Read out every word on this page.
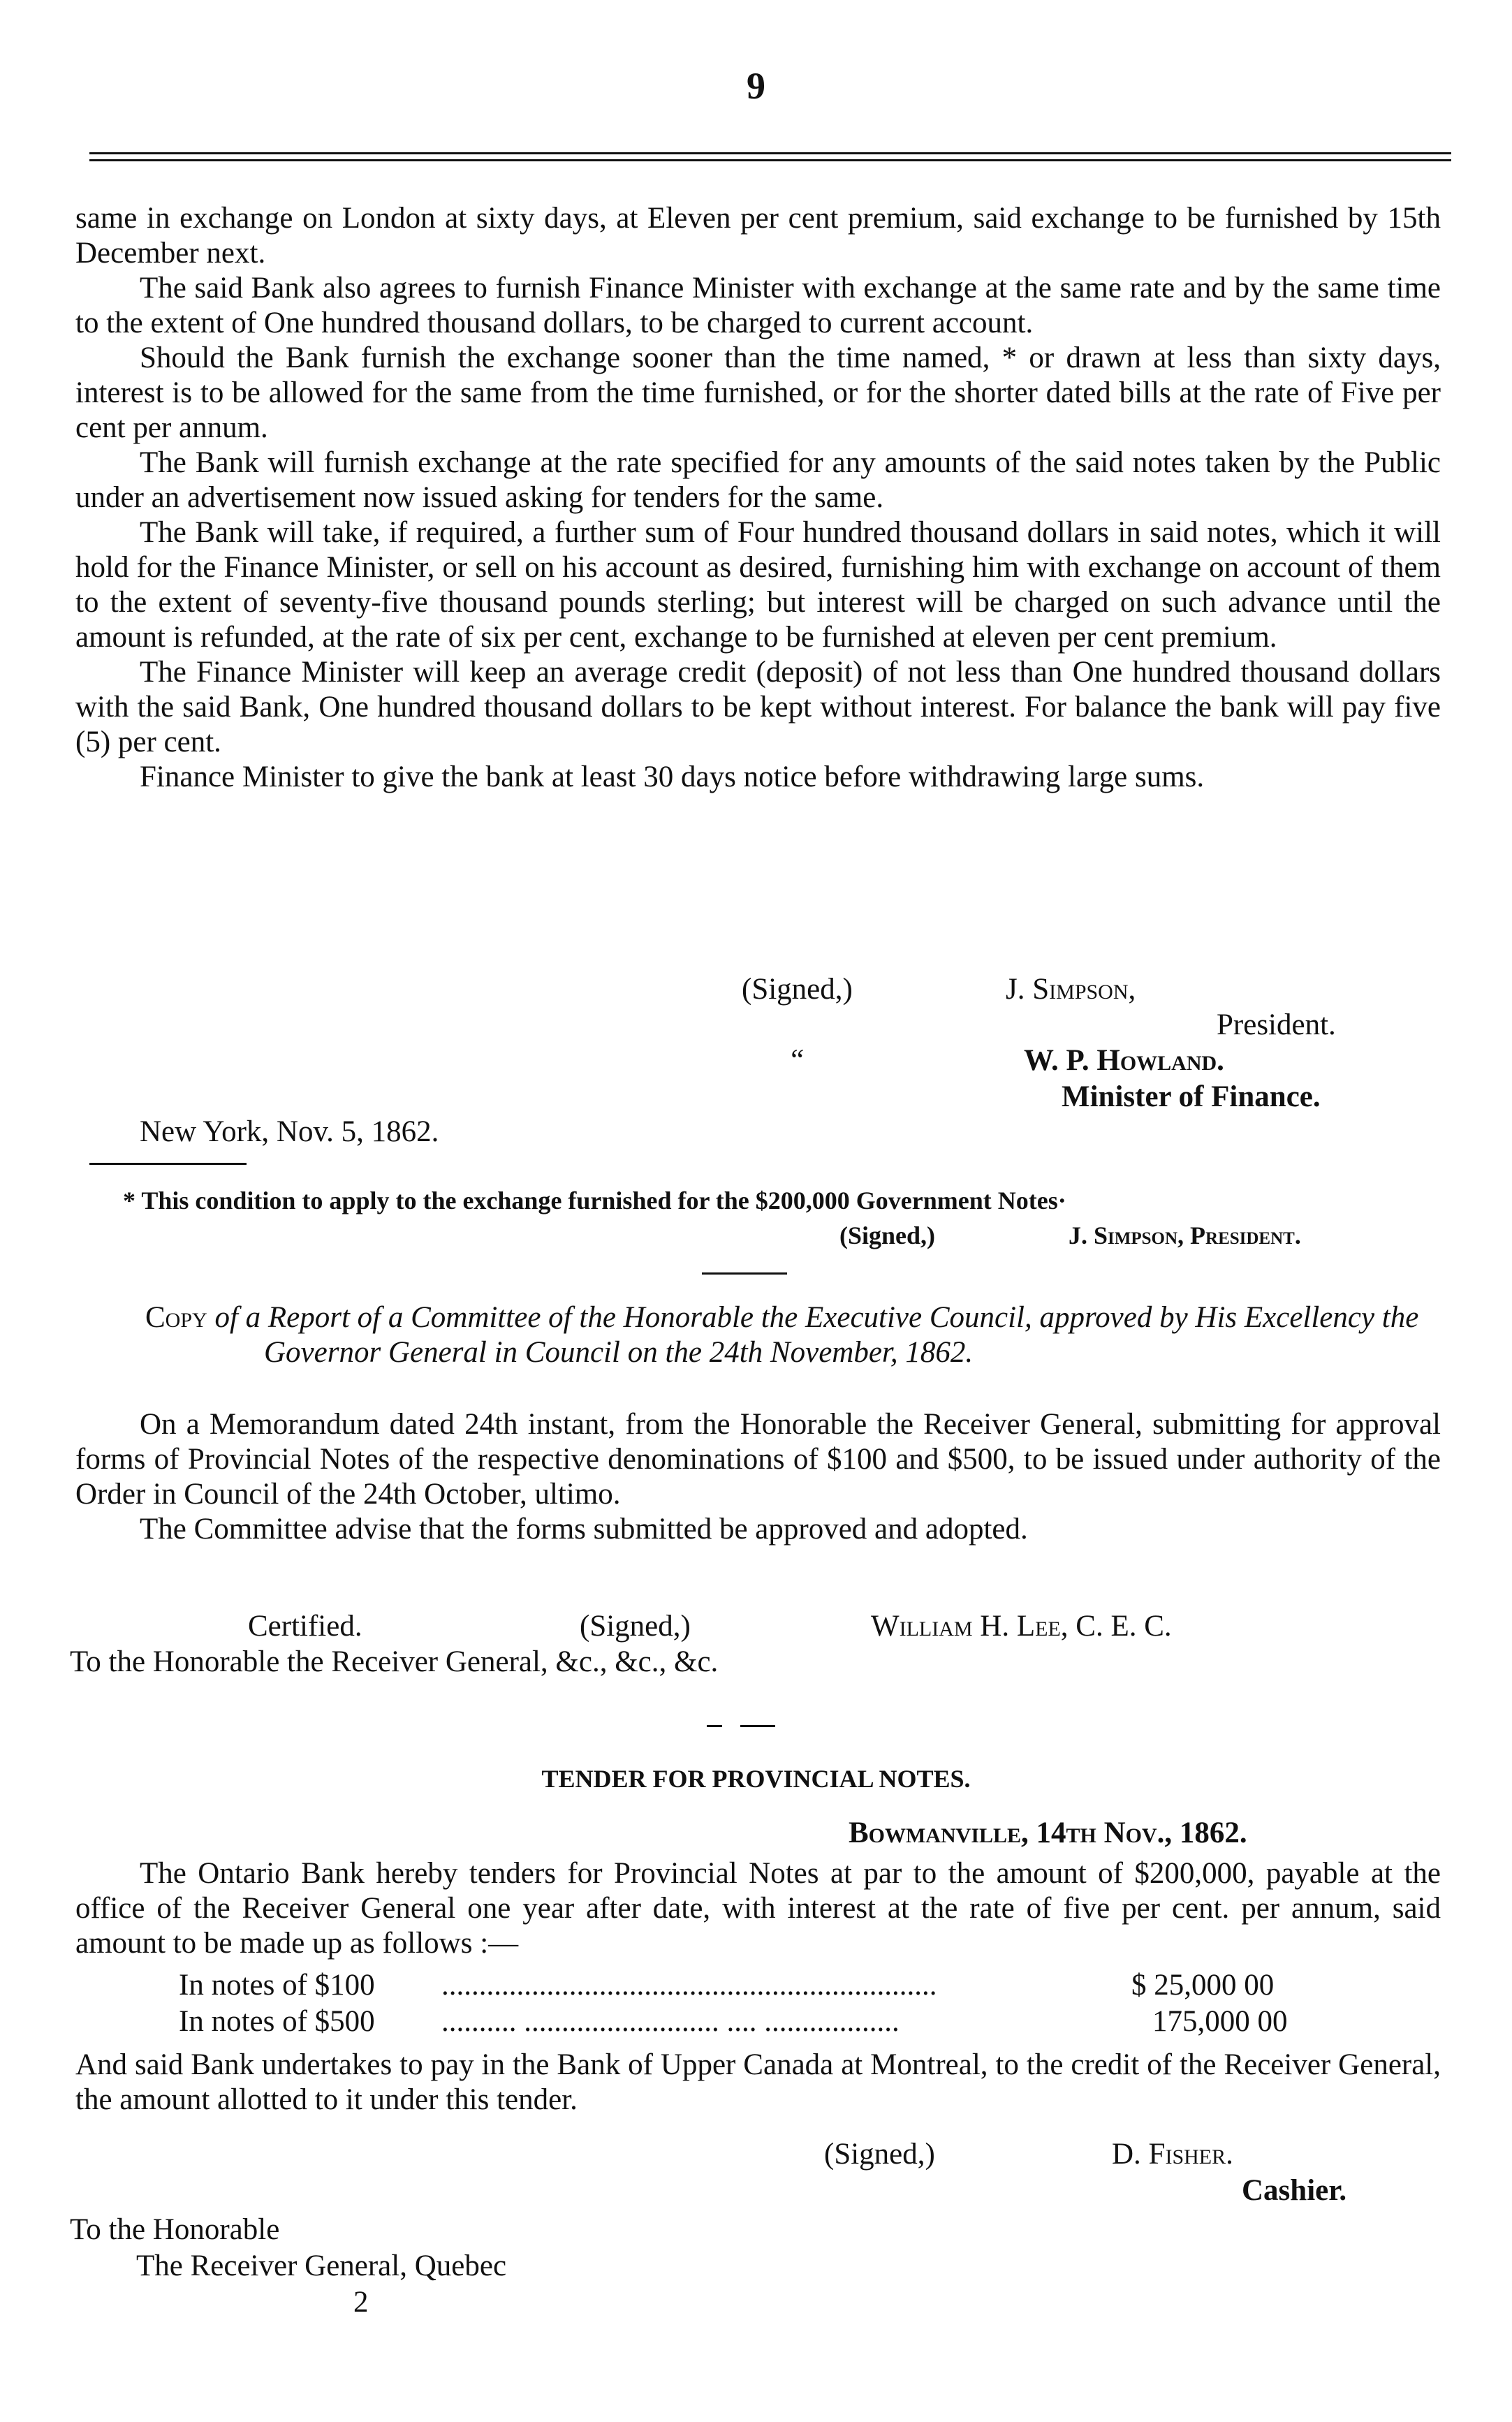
9

same in exchange on London at sixty days, at Eleven per cent premium, said exchange to be furnished by 15th December next.

The said Bank also agrees to furnish Finance Minister with exchange at the same rate and by the same time to the extent of One hundred thousand dollars, to be charged to current account.

Should the Bank furnish the exchange sooner than the time named, * or drawn at less than sixty days, interest is to be allowed for the same from the time furnished, or for the shorter dated bills at the rate of Five per cent per annum.

The Bank will furnish exchange at the rate specified for any amounts of the said notes taken by the Public under an advertisement now issued asking for tenders for the same.

The Bank will take, if required, a further sum of Four hundred thousand dollars in said notes, which it will hold for the Finance Minister, or sell on his account as desired, furnishing him with exchange on account of them to the extent of seventy-five thousand pounds sterling; but interest will be charged on such advance until the amount is refunded, at the rate of six per cent, exchange to be furnished at eleven per cent premium.

The Finance Minister will keep an average credit (deposit) of not less than One hundred thousand dollars with the said Bank, One hundred thousand dollars to be kept without interest. For balance the bank will pay five (5) per cent.

Finance Minister to give the bank at least 30 days notice before withdrawing large sums.

(Signed,)	J. Simpson,
President.
“	W. P. Howland.
Minister of Finance.
New York, Nov. 5, 1862.
* This condition to apply to the exchange furnished for the $200,000 Government Notes·
(Signed,)	J. Simpson, President.

Copy of a Report of a Committee of the Honorable the Executive Council, approved by His Excellency the Governor General in Council on the 24th November, 1862.

On a Memorandum dated 24th instant, from the Honorable the Receiver General, submitting for approval forms of Provincial Notes of the respective denominations of $100 and $500, to be issued under authority of the Order in Council of the 24th October, ultimo.

The Committee advise that the forms submitted be approved and adopted.

Certified.	(Signed,)	William H. Lee, C. E. C.
To the Honorable the Receiver General, &c., &c., &c.
TENDER FOR PROVINCIAL NOTES.
Bowmanville, 14th Nov., 1862.

The Ontario Bank hereby tenders for Provincial Notes at par to the amount of $200,000, payable at the office of the Receiver General one year after date, with interest at the rate of five per cent. per annum, said amount to be made up as follows :—

In notes of $100 ..................................................................	$ 25,000 00
In notes of $500 .......... .......................... .... ..................	175,000 00

And said Bank undertakes to pay in the Bank of Upper Canada at Montreal, to the credit of the Receiver General, the amount allotted to it under this tender.

(Signed,)	D. Fisher.
Cashier.
To the Honorable
The Receiver General, Quebec
2
